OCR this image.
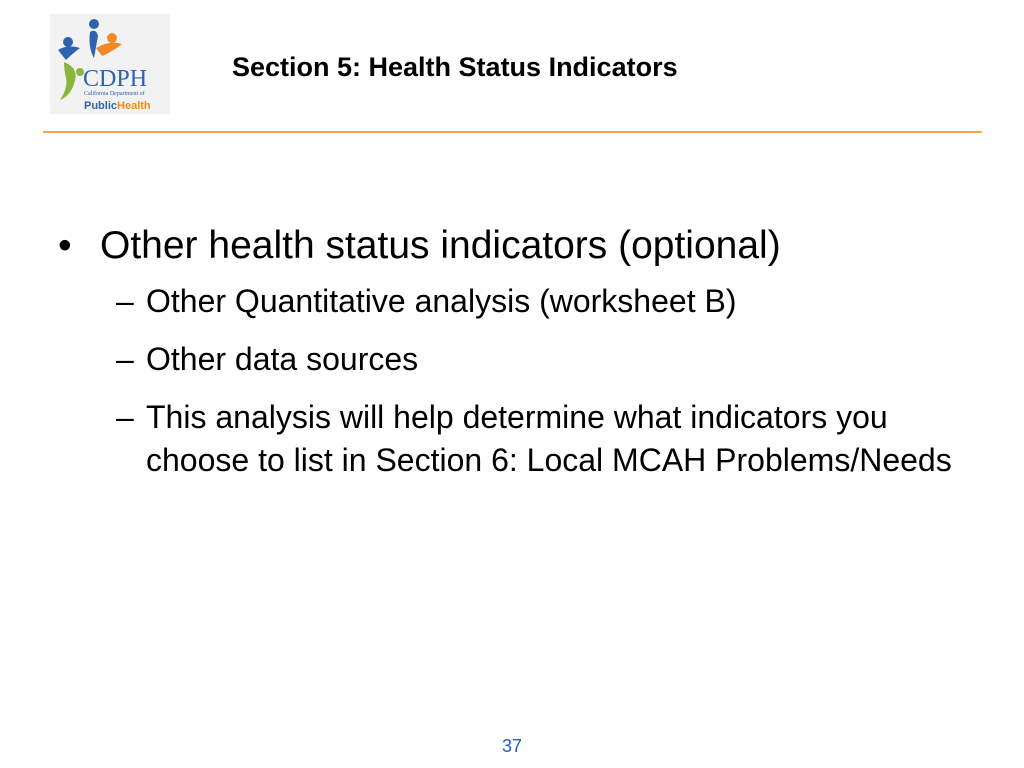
CDPH
California Department of
PublicHealth
Section 5: Health Status Indicators
• Other health status indicators (optional)
– Other Quantitative analysis (worksheet B)
– Other data sources
– This analysis will help determine what indicators you choose to list in Section 6: Local MCAH Problems/Needs
37
